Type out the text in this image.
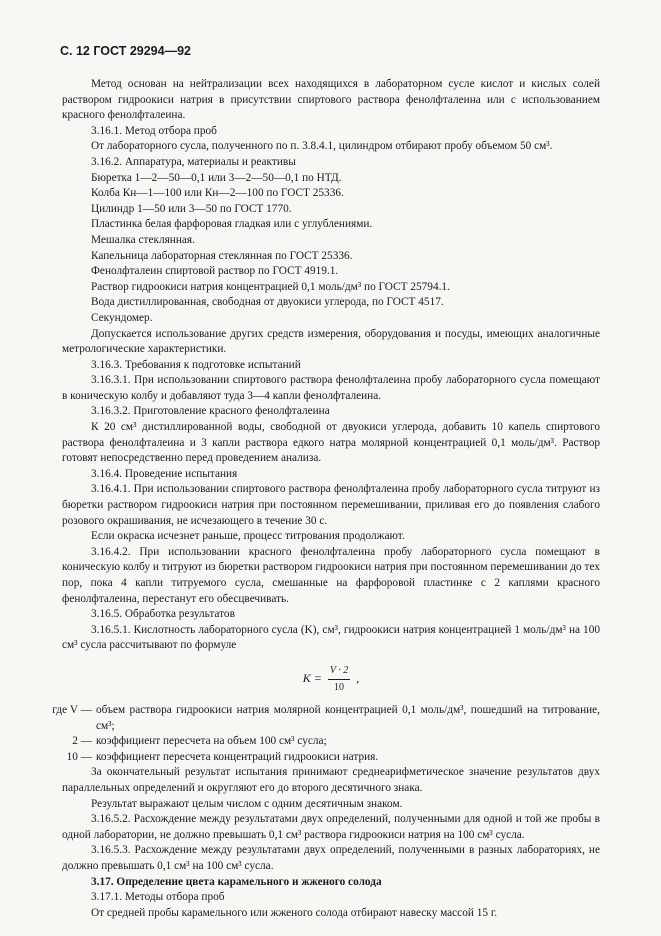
С. 12 ГОСТ 29294—92

Метод основан на нейтрализации всех находящихся в лабораторном сусле кислот и кислых солей раствором гидроокиси натрия в присутствии спиртового раствора фенолфталеина или с использованием красного фенолфталеина.

3.16.1. Метод отбора проб

От лабораторного сусла, полученного по п. 3.8.4.1, цилиндром отбирают пробу объемом 50 см³.

3.16.2. Аппаратура, материалы и реактивы

Бюретка 1—2—50—0,1 или 3—2—50—0,1 по НТД.

Колба Кн—1—100 или Кн—2—100 по ГОСТ 25336.

Цилиндр 1—50 или 3—50 по ГОСТ 1770.

Пластинка белая фарфоровая гладкая или с углублениями.

Мешалка стеклянная.

Капельница лабораторная стеклянная по ГОСТ 25336.

Фенолфталеин спиртовой раствор по ГОСТ 4919.1.

Раствор гидроокиси натрия концентрацией 0,1 моль/дм³ по ГОСТ 25794.1.

Вода дистиллированная, свободная от двуокиси углерода, по ГОСТ 4517.

Секундомер.

Допускается использование других средств измерения, оборудования и посуды, имеющих аналогичные метрологические характеристики.

3.16.3. Требования к подготовке испытаний

3.16.3.1. При использовании спиртового раствора фенолфталеина пробу лабораторного сусла помещают в коническую колбу и добавляют туда 3—4 капли фенолфталеина.

3.16.3.2. Приготовление красного фенолфталеина

К 20 см³ дистиллированной воды, свободной от двуокиси углерода, добавить 10 капель спиртового раствора фенолфталеина и 3 капли раствора едкого натра молярной концентрацией 0,1 моль/дм³. Раствор готовят непосредственно перед проведением анализа.

3.16.4. Проведение испытания

3.16.4.1. При использовании спиртового раствора фенолфталеина пробу лабораторного сусла титруют из бюретки раствором гидроокиси натрия при постоянном перемешивании, приливая его до появления слабого розового окрашивания, не исчезающего в течение 30 с.

Если окраска исчезнет раньше, процесс титрования продолжают.

3.16.4.2. При использовании красного фенолфталеина пробу лабораторного сусла помещают в коническую колбу и титруют из бюретки раствором гидроокиси натрия при постоянном перемешивании до тех пор, пока 4 капли титруемого сусла, смешанные на фарфоровой пластинке с 2 каплями красного фенолфталеина, перестанут его обесцвечивать.

3.16.5. Обработка результатов

3.16.5.1. Кислотность лабораторного сусла (K), см³, гидроокиси натрия концентрацией 1 моль/дм³ на 100 см³ сусла рассчитывают по формуле

$K = \frac{V \cdot 2}{10}$ ,
где V — объем раствора гидроокиси натрия молярной концентрацией 0,1 моль/дм³, пошедший на титрование, см³;
2 — коэффициент пересчета на объем 100 см³ сусла;
10 — коэффициент пересчета концентраций гидроокиси натрия.

За окончательный результат испытания принимают среднеарифметическое значение результатов двух параллельных определений и округляют его до второго десятичного знака.

Результат выражают целым числом с одним десятичным знаком.

3.16.5.2. Расхождение между результатами двух определений, полученными для одной и той же пробы в одной лаборатории, не должно превышать 0,1 см³ раствора гидроокиси натрия на 100 см³ сусла.

3.16.5.3. Расхождение между результатами двух определений, полученными в разных лабораториях, не должно превышать 0,1 см³ на 100 см³ сусла.

3.17. Определение цвета карамельного и жженого солода

3.17.1. Методы отбора проб

От средней пробы карамельного или жженого солода отбирают навеску массой 15 г.
